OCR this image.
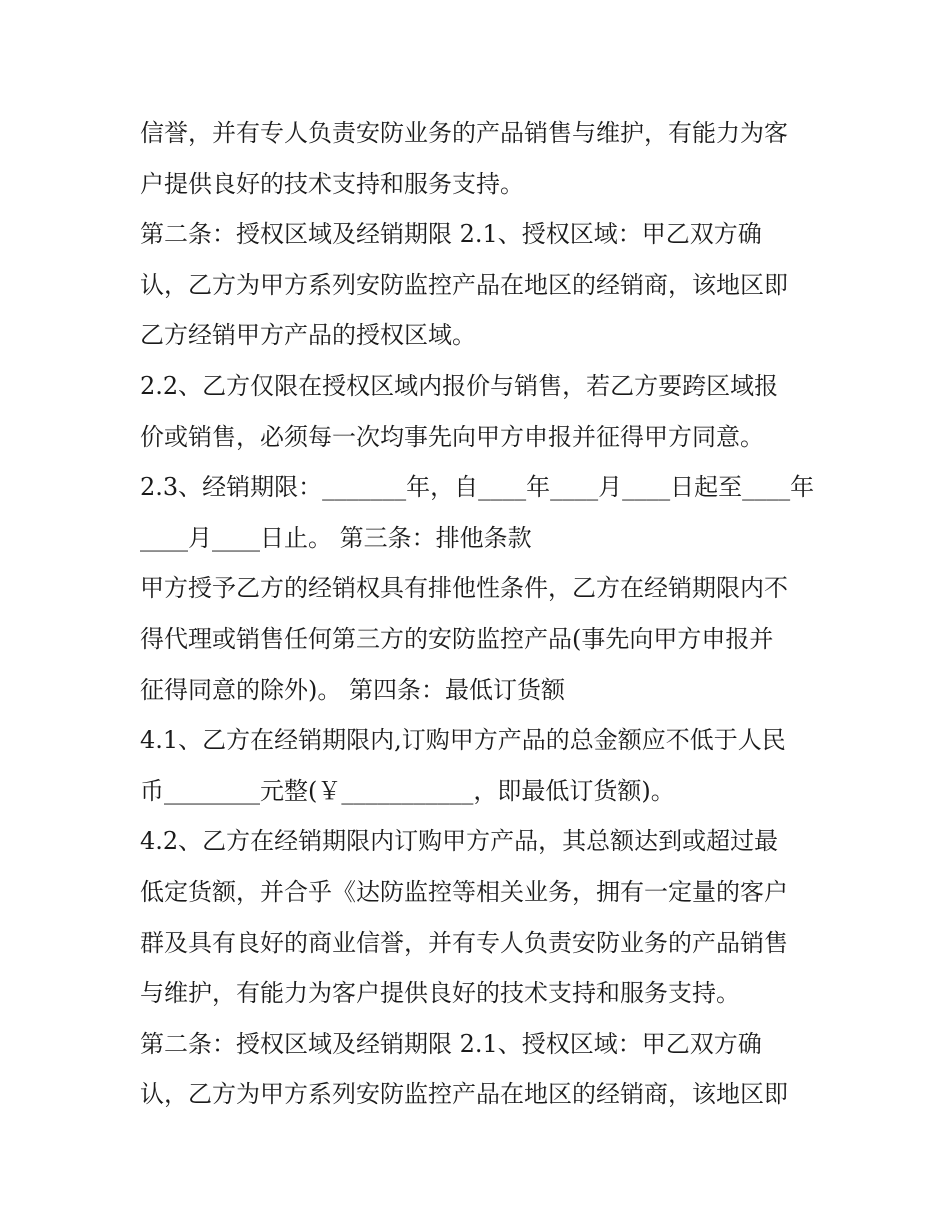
信誉，并有专人负责安防业务的产品销售与维护，有能力为客
户提供良好的技术支持和服务支持。
第二条：授权区域及经销期限 2.1、授权区域：甲乙双方确
认，乙方为甲方系列安防监控产品在地区的经销商，该地区即
乙方经销甲方产品的授权区域。
2.2、乙方仅限在授权区域内报价与销售，若乙方要跨区域报
价或销售，必须每一次均事先向甲方申报并征得甲方同意。
2.3、经销期限：_______年，自____年____月____日起至____年
____月____日止。 第三条：排他条款
甲方授予乙方的经销权具有排他性条件，乙方在经销期限内不
得代理或销售任何第三方的安防监控产品(事先向甲方申报并
征得同意的除外)。 第四条：最低订货额
4.1、乙方在经销期限内,订购甲方产品的总金额应不低于人民
币________元整(￥___________，即最低订货额)。
4.2、乙方在经销期限内订购甲方产品，其总额达到或超过最
低定货额，并合乎《达防监控等相关业务，拥有一定量的客户
群及具有良好的商业信誉，并有专人负责安防业务的产品销售
与维护，有能力为客户提供良好的技术支持和服务支持。
第二条：授权区域及经销期限 2.1、授权区域：甲乙双方确
认，乙方为甲方系列安防监控产品在地区的经销商，该地区即
